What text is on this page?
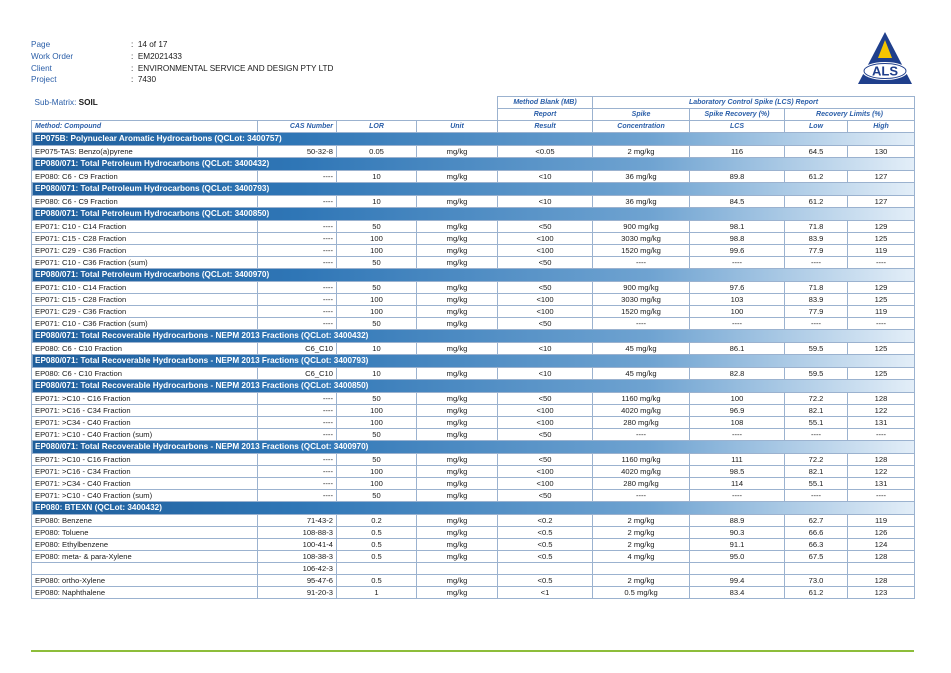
Page	:  14 of 17
Work Order	:  EM2021433
Client	:  ENVIRONMENTAL SERVICE AND DESIGN PTY LTD
Project	:  7430
ALS
Sub-Matrix: SOIL				Method Blank (MB)	Laboratory Control Spike (LCS) Report			
				Report	Spike	Spike Recovery (%)	Recovery Limits (%)	
Method: Compound	CAS Number	LOR	Unit	Result	Concentration	LCS	Low	High
EP075B: Polynuclear Aromatic Hydrocarbons (QCLot: 3400757)								
EP075-TAS: Benzo(a)pyrene	50-32-8	0.05	mg/kg	<0.05	2 mg/kg	116	64.5	130
EP080/071: Total Petroleum Hydrocarbons (QCLot: 3400432)								
EP080: C6 - C9 Fraction	----	10	mg/kg	<10	36 mg/kg	89.8	61.2	127
EP080/071: Total Petroleum Hydrocarbons (QCLot: 3400793)								
EP080: C6 - C9 Fraction	----	10	mg/kg	<10	36 mg/kg	84.5	61.2	127
EP080/071: Total Petroleum Hydrocarbons (QCLot: 3400850)								
EP071: C10 - C14 Fraction	----	50	mg/kg	<50	900 mg/kg	98.1	71.8	129
EP071: C15 - C28 Fraction	----	100	mg/kg	<100	3030 mg/kg	98.8	83.9	125
EP071: C29 - C36 Fraction	----	100	mg/kg	<100	1520 mg/kg	99.6	77.9	119
EP071: C10 - C36 Fraction (sum)	----	50	mg/kg	<50	----	----	----	----
EP080/071: Total Petroleum Hydrocarbons (QCLot: 3400970)								
EP071: C10 - C14 Fraction	----	50	mg/kg	<50	900 mg/kg	97.6	71.8	129
EP071: C15 - C28 Fraction	----	100	mg/kg	<100	3030 mg/kg	103	83.9	125
EP071: C29 - C36 Fraction	----	100	mg/kg	<100	1520 mg/kg	100	77.9	119
EP071: C10 - C36 Fraction (sum)	----	50	mg/kg	<50	----	----	----	----
EP080/071: Total Recoverable Hydrocarbons - NEPM 2013 Fractions (QCLot: 3400432)								
EP080: C6 - C10 Fraction	C6_C10	10	mg/kg	<10	45 mg/kg	86.1	59.5	125
EP080/071: Total Recoverable Hydrocarbons - NEPM 2013 Fractions (QCLot: 3400793)								
EP080: C6 - C10 Fraction	C6_C10	10	mg/kg	<10	45 mg/kg	82.8	59.5	125
EP080/071: Total Recoverable Hydrocarbons - NEPM 2013 Fractions (QCLot: 3400850)								
EP071: >C10 - C16 Fraction	----	50	mg/kg	<50	1160 mg/kg	100	72.2	128
EP071: >C16 - C34 Fraction	----	100	mg/kg	<100	4020 mg/kg	96.9	82.1	122
EP071: >C34 - C40 Fraction	----	100	mg/kg	<100	280 mg/kg	108	55.1	131
EP071: >C10 - C40 Fraction (sum)	----	50	mg/kg	<50	----	----	----	----
EP080/071: Total Recoverable Hydrocarbons - NEPM 2013 Fractions (QCLot: 3400970)								
EP071: >C10 - C16 Fraction	----	50	mg/kg	<50	1160 mg/kg	111	72.2	128
EP071: >C16 - C34 Fraction	----	100	mg/kg	<100	4020 mg/kg	98.5	82.1	122
EP071: >C34 - C40 Fraction	----	100	mg/kg	<100	280 mg/kg	114	55.1	131
EP071: >C10 - C40 Fraction (sum)	----	50	mg/kg	<50	----	----	----	----
EP080: BTEXN (QCLot: 3400432)								
EP080: Benzene	71-43-2	0.2	mg/kg	<0.2	2 mg/kg	88.9	62.7	119
EP080: Toluene	108-88-3	0.5	mg/kg	<0.5	2 mg/kg	90.3	66.6	126
EP080: Ethylbenzene	100-41-4	0.5	mg/kg	<0.5	2 mg/kg	91.1	66.3	124
EP080: meta- & para-Xylene	108-38-3	0.5	mg/kg	<0.5	4 mg/kg	95.0	67.5	128
	106-42-3							
EP080: ortho-Xylene	95-47-6	0.5	mg/kg	<0.5	2 mg/kg	99.4	73.0	128
EP080: Naphthalene	91-20-3	1	mg/kg	<1	0.5 mg/kg	83.4	61.2	123
